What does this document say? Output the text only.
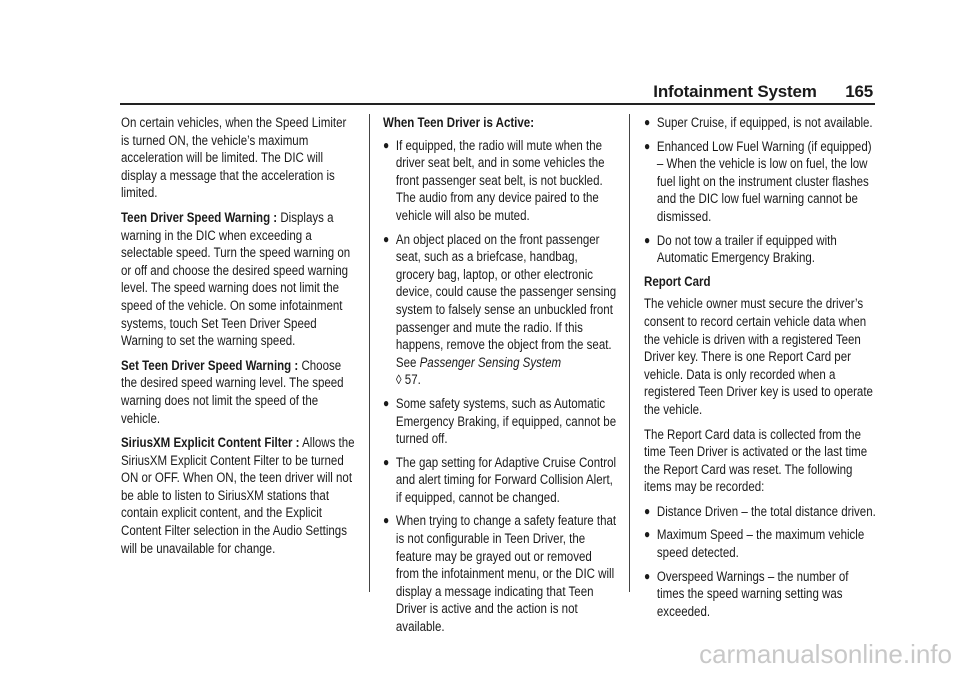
Infotainment System 165

On certain vehicles, when the Speed Limiter is turned ON, the vehicle’s maximum acceleration will be limited. The DIC will display a message that the acceleration is limited.

Teen Driver Speed Warning : Displays a warning in the DIC when exceeding a selectable speed. Turn the speed warning on or off and choose the desired speed warning level. The speed warning does not limit the speed of the vehicle. On some infotainment systems, touch Set Teen Driver Speed Warning to set the warning speed.

Set Teen Driver Speed Warning : Choose the desired speed warning level. The speed warning does not limit the speed of the vehicle.

SiriusXM Explicit Content Filter : Allows the SiriusXM Explicit Content Filter to be turned ON or OFF. When ON, the teen driver will not be able to listen to SiriusXM stations that contain explicit content, and the Explicit Content Filter selection in the Audio Settings will be unavailable for change.

When Teen Driver is Active:

● If equipped, the radio will mute when the driver seat belt, and in some vehicles the front passenger seat belt, is not buckled. The audio from any device paired to the vehicle will also be muted.
● An object placed on the front passenger seat, such as a briefcase, handbag, grocery bag, laptop, or other electronic device, could cause the passenger sensing system to falsely sense an unbuckled front passenger and mute the radio. If this happens, remove the object from the seat. See Passenger Sensing System
◊ 57.
● Some safety systems, such as Automatic Emergency Braking, if equipped, cannot be turned off.
● The gap setting for Adaptive Cruise Control and alert timing for Forward Collision Alert, if equipped, cannot be changed.
● When trying to change a safety feature that is not configurable in Teen Driver, the feature may be grayed out or removed from the infotainment menu, or the DIC will display a message indicating that Teen Driver is active and the action is not available.
● Super Cruise, if equipped, is not available.
● Enhanced Low Fuel Warning (if equipped) – When the vehicle is low on fuel, the low fuel light on the instrument cluster flashes and the DIC low fuel warning cannot be dismissed.
● Do not tow a trailer if equipped with Automatic Emergency Braking.

Report Card

The vehicle owner must secure the driver’s consent to record certain vehicle data when the vehicle is driven with a registered Teen Driver key. There is one Report Card per vehicle. Data is only recorded when a registered Teen Driver key is used to operate the vehicle.

The Report Card data is collected from the time Teen Driver is activated or the last time the Report Card was reset. The following items may be recorded:

● Distance Driven – the total distance driven.
● Maximum Speed – the maximum vehicle speed detected.
● Overspeed Warnings – the number of times the speed warning setting was exceeded.
carmanualsonline.info
